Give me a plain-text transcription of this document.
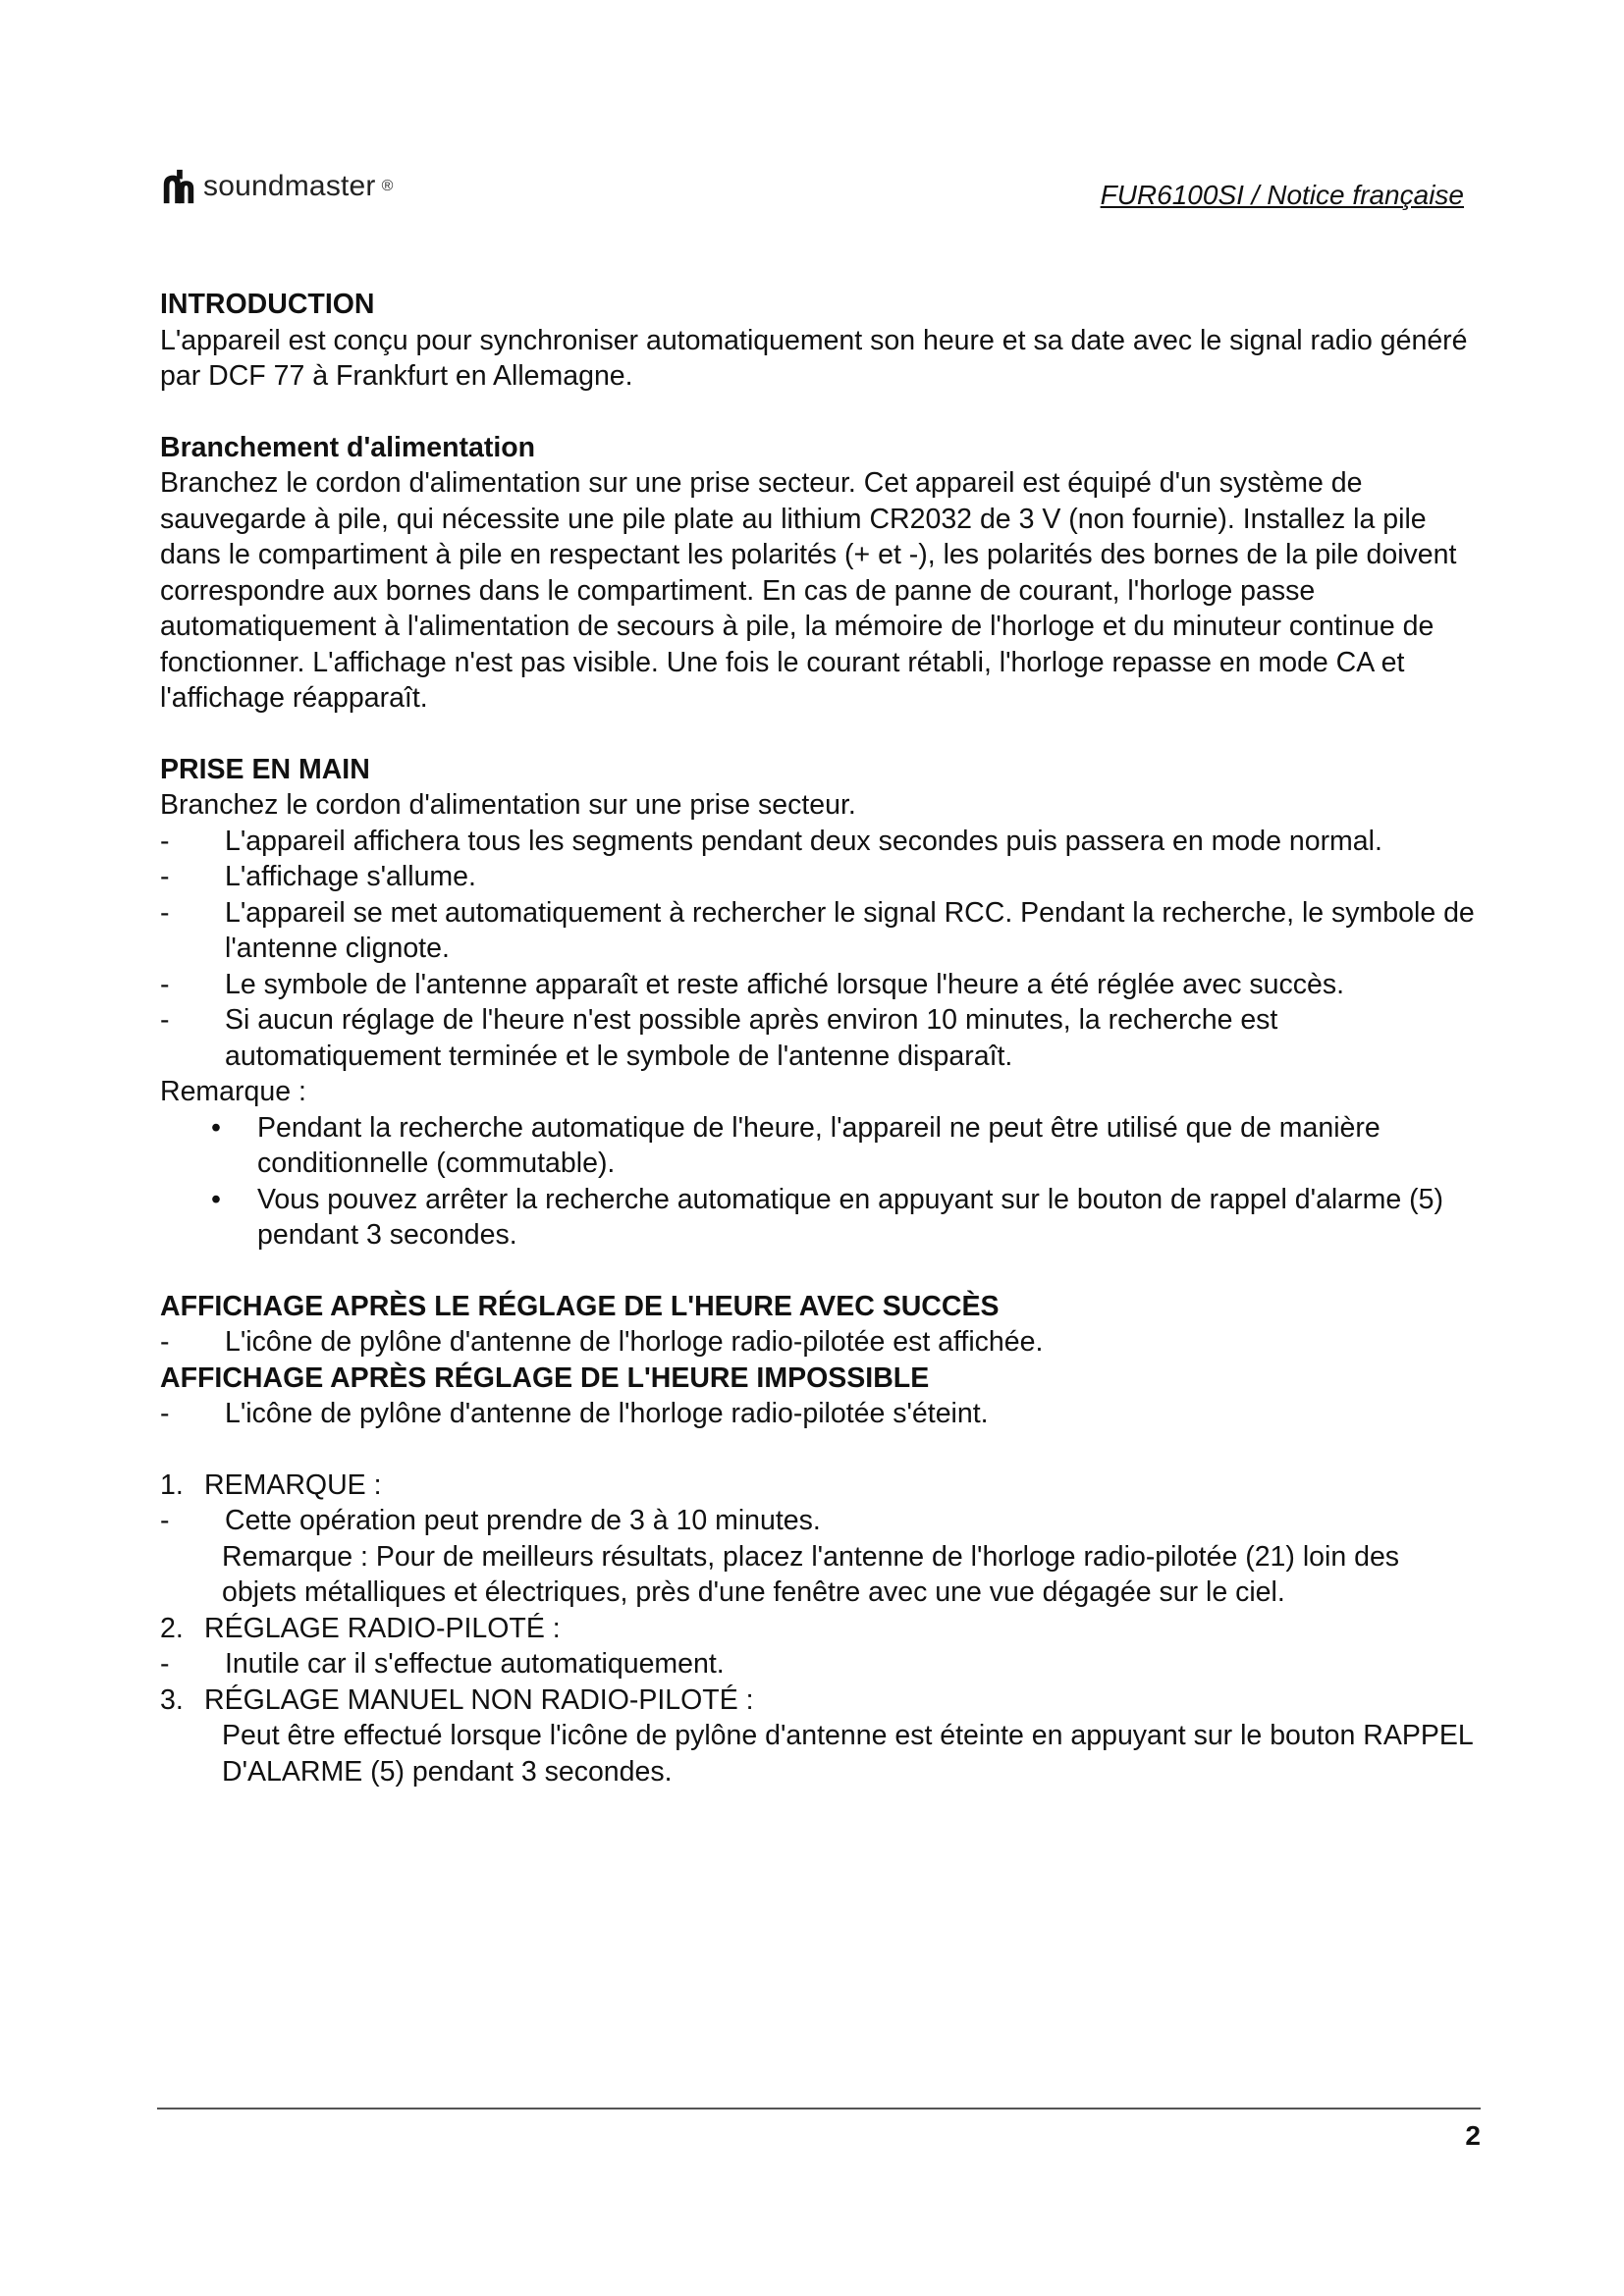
soundmaster ®	FUR6100SI / Notice française

INTRODUCTION

L'appareil est conçu pour synchroniser automatiquement son heure et sa date avec le signal radio généré par DCF 77 à Frankfurt en Allemagne.

Branchement d'alimentation

Branchez le cordon d'alimentation sur une prise secteur. Cet appareil est équipé d'un système de sauvegarde à pile, qui nécessite une pile plate au lithium CR2032 de 3 V (non fournie). Installez la pile dans le compartiment à pile en respectant les polarités (+ et -), les polarités des bornes de la pile doivent correspondre aux bornes dans le compartiment. En cas de panne de courant, l'horloge passe automatiquement à l'alimentation de secours à pile, la mémoire de l'horloge et du minuteur continue de fonctionner. L'affichage n'est pas visible. Une fois le courant rétabli, l'horloge repasse en mode CA et l'affichage réapparaît.

PRISE EN MAIN

Branchez le cordon d'alimentation sur une prise secteur.

- L'appareil affichera tous les segments pendant deux secondes puis passera en mode normal.
- L'affichage s'allume.
- L'appareil se met automatiquement à rechercher le signal RCC. Pendant la recherche, le symbole de l'antenne clignote.
- Le symbole de l'antenne apparaît et reste affiché lorsque l'heure a été réglée avec succès.
- Si aucun réglage de l'heure n'est possible après environ 10 minutes, la recherche est automatiquement terminée et le symbole de l'antenne disparaît.

Remarque :

• Pendant la recherche automatique de l'heure, l'appareil ne peut être utilisé que de manière conditionnelle (commutable).
• Vous pouvez arrêter la recherche automatique en appuyant sur le bouton de rappel d'alarme (5) pendant 3 secondes.

AFFICHAGE APRÈS LE RÉGLAGE DE L'HEURE AVEC SUCCÈS

- L'icône de pylône d'antenne de l'horloge radio-pilotée est affichée.

AFFICHAGE APRÈS RÉGLAGE DE L'HEURE IMPOSSIBLE

- L'icône de pylône d'antenne de l'horloge radio-pilotée s'éteint.
1. REMARQUE :
- Cette opération peut prendre de 3 à 10 minutes.

Remarque : Pour de meilleurs résultats, placez l'antenne de l'horloge radio-pilotée (21) loin des objets métalliques et électriques, près d'une fenêtre avec une vue dégagée sur le ciel.

2. RÉGLAGE RADIO-PILOTÉ :
- Inutile car il s'effectue automatiquement.
3. RÉGLAGE MANUEL NON RADIO-PILOTÉ :

Peut être effectué lorsque l'icône de pylône d'antenne est éteinte en appuyant sur le bouton RAPPEL D'ALARME (5) pendant 3 secondes.

2
